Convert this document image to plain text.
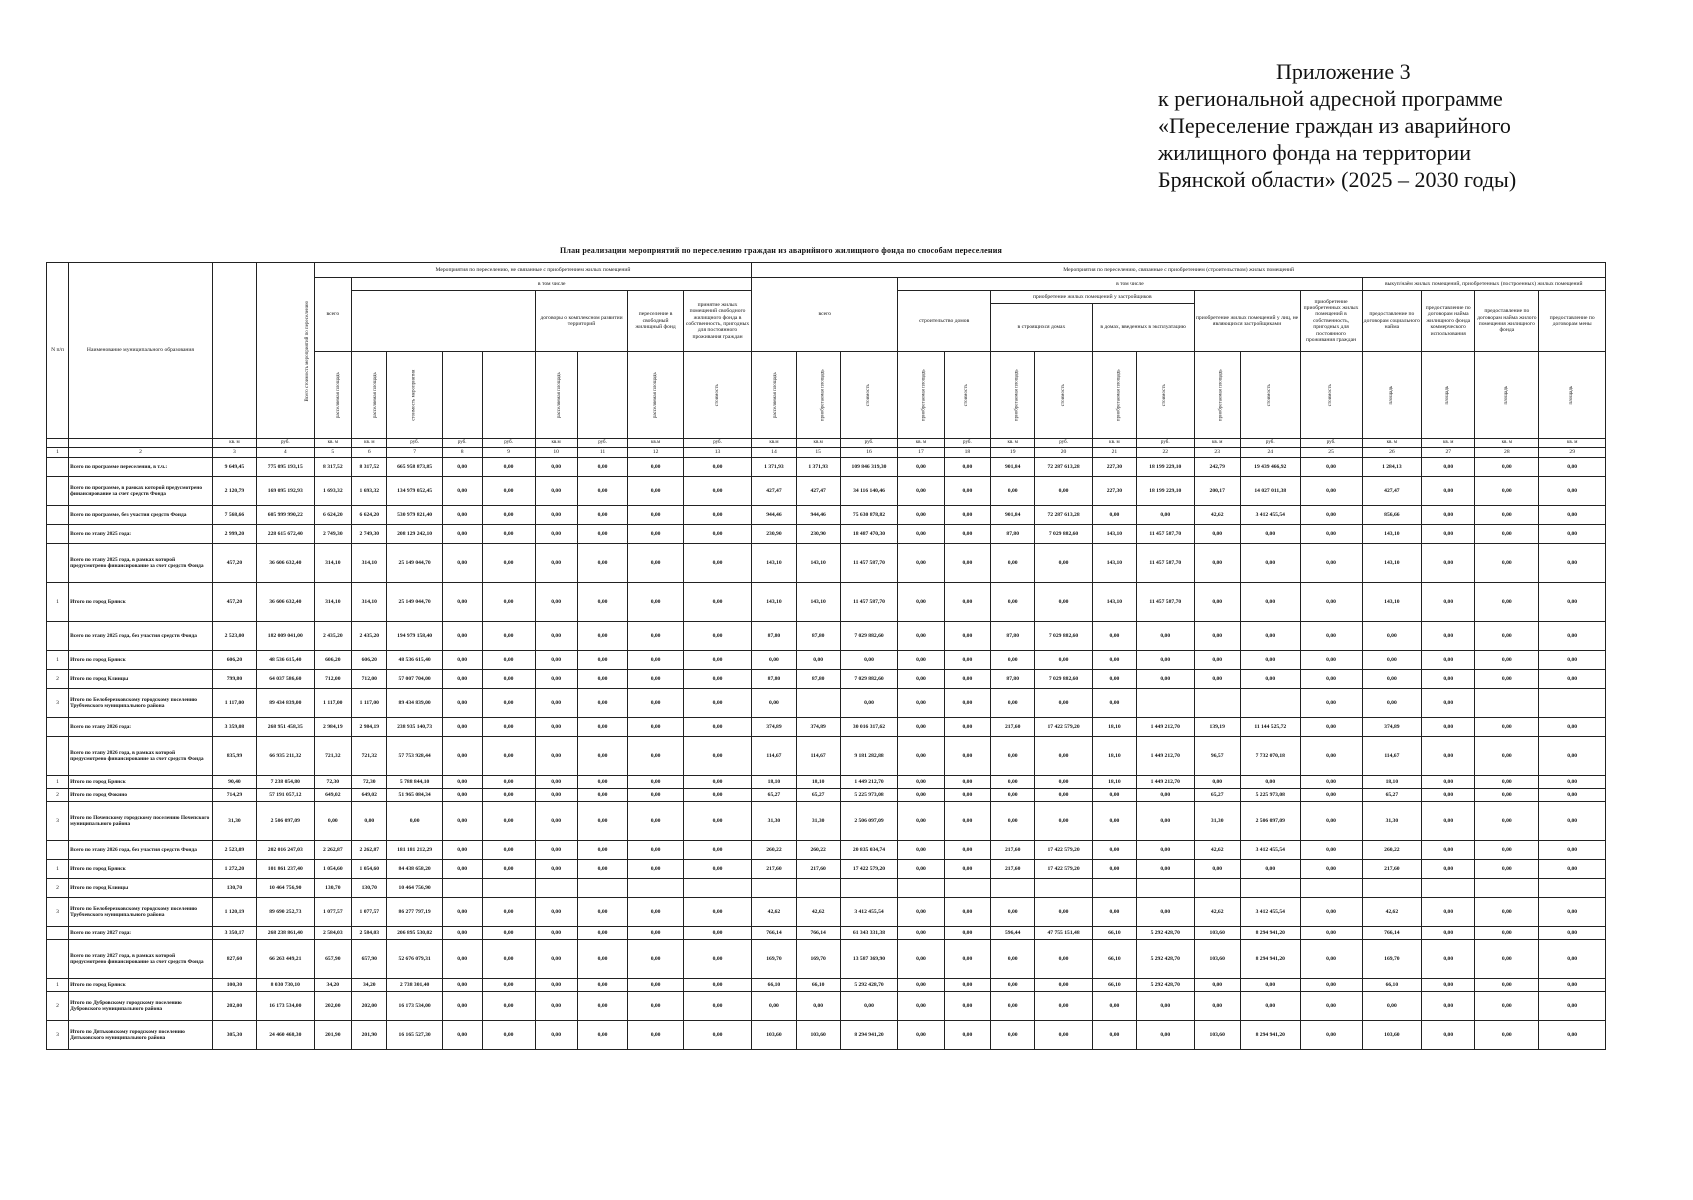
Приложение 3
к региональной адресной программе
«Переселение граждан из аварийного
жилищного фонда на территории
Брянской области» (2025 – 2030 годы)
План реализации мероприятий по переселению граждан из аварийного жилищного фонда по способам переселения
N п/п	Наименование муниципального образования		Всего стоимость мероприятий по переселению	Мероприятия по переселению, не связанные с приобретением жилых помещений									Мероприятия по переселению, связанные с приобретением (строительством) жилых помещений															
				всего	в том числе								всего			в том числе									выкуп/наём жилых помещений, приобретенных (построенных) жилых помещений			
									договоры о комплексном развитии территорий		переселение в свободный жилищный фонд	принятие жилых помещений свободного жилищного фонда в собственность, пригодных для постоянного проживания граждан				строительство домов		приобретение жилых помещений у застройщиков				приобретение жилых помещений у лиц, не являющихся застройщиками		приобретение приобретенных жилых помещений в собственность, пригодных для постоянного проживания граждан	предоставление по договорам социального найма	предоставление по договорам найма жилищного фонда коммерческого использования	предоставление по договорам найма жилого помещения жилищного фонда	предоставление по договорам мены
																		в строящихся домах		в домах, введенных в эксплуатацию								
				расселяемая площадь	расселяемая площадь	стоимость мероприятия			расселяемая площадь		расселяемая площадь	стоимость	расселяемая площадь	приобретаемая площадь	стоимость	приобретаемая площадь	стоимость	приобретаемая площадь	стоимость	приобретаемая площадь	стоимость	приобретаемая площадь	стоимость	стоимость	площадь	площадь	площадь	площадь
		кв. м	руб.	кв. м	кв. м	руб.	руб.	руб.	кв.м	руб.	кв.м	руб.	кв.м	кв.м	руб.	кв. м	руб.	кв. м	руб.	кв. м	руб.	кв. м	руб.	руб.	кв. м	кв. м	кв. м	кв. м
1	2	3	4	5	6	7	8	9	10	11	12	13	14	15	16	17	18	19	20	21	22	23	24	25	26	27	28	29
	Всего по программе переселения, в т.ч.:	9 649,45	775 095 193,15	8 317,52	8 317,52	665 958 873,85	0,00	0,00	0,00	0,00	0,00	0,00	1 371,93	1 371,93	109 846 319,30	0,00	0,00	901,84	72 287 613,28	227,30	18 199 229,10	242,79	19 439 466,92	0,00	1 284,13	0,00	0,00	0,00
	Всего по программе, в рамках которой предусмотрено финансирование за счет средств Фонда	2 120,79	169 095 192,93	1 693,32	1 693,32	134 979 052,45	0,00	0,00	0,00	0,00	0,00	0,00	427,47	427,47	34 116 140,46	0,00	0,00	0,00	0,00	227,30	18 199 229,10	200,17	14 027 011,38	0,00	427,47	0,00	0,00	0,00
	Всего по программе, без участия средств Фонда	7 568,66	605 999 990,22	6 624,20	6 624,20	530 979 821,40	0,00	0,00	0,00	0,00	0,00	0,00	944,46	944,46	75 630 878,82	0,00	0,00	901,84	72 287 613,28	0,00	0,00	42,62	3 412 455,54	0,00	856,66	0,00	0,00	0,00
	Всего по этапу 2025 года:	2 999,20	228 615 672,40	2 749,30	2 749,30	208 129 242,10	0,00	0,00	0,00	0,00	0,00	0,00	230,90	230,90	18 487 470,30	0,00	0,00	87,80	7 029 882,60	143,10	11 457 587,70	0,00	0,00	0,00	143,10	0,00	0,00	0,00
	Всего по этапу 2025 года, в рамках которой предусмотрено финансирование за счет средств Фонда	457,20	36 606 632,40	314,10	314,10	25 149 044,70	0,00	0,00	0,00	0,00	0,00	0,00	143,10	143,10	11 457 587,70	0,00	0,00	0,00	0,00	143,10	11 457 587,70	0,00	0,00	0,00	143,10	0,00	0,00	0,00
1	Итого по город Брянск	457,20	36 606 632,40	314,10	314,10	25 149 044,70	0,00	0,00	0,00	0,00	0,00	0,00	143,10	143,10	11 457 587,70	0,00	0,00	0,00	0,00	143,10	11 457 587,70	0,00	0,00	0,00	143,10	0,00	0,00	0,00
	Всего по этапу 2025 года, без участия средств Фонда	2 523,00	182 009 041,00	2 435,20	2 435,20	194 979 158,40	0,00	0,00	0,00	0,00	0,00	0,00	87,80	87,80	7 029 882,60	0,00	0,00	87,80	7 029 882,60	0,00	0,00	0,00	0,00	0,00	0,00	0,00	0,00	0,00
1	Итого по город Брянск	606,20	48 536 615,40	606,20	606,20	48 536 615,40	0,00	0,00	0,00	0,00	0,00	0,00	0,00	0,00	0,00	0,00	0,00	0,00	0,00	0,00	0,00	0,00	0,00	0,00	0,00	0,00	0,00	0,00
2	Итого по город Клинцы	799,80	64 037 586,60	712,00	712,00	57 007 704,00	0,00	0,00	0,00	0,00	0,00	0,00	87,80	87,80	7 029 882,60	0,00	0,00	87,80	7 029 882,60	0,00	0,00	0,00	0,00	0,00	0,00	0,00	0,00	0,00
3	Итого по Белоберезковскому городскому поселению Трубчевского муниципального района	1 117,00	89 434 839,00	1 117,00	1 117,00	89 434 839,00	0,00	0,00	0,00	0,00	0,00	0,00	0,00		0,00	0,00	0,00	0,00	0,00	0,00				0,00	0,00	0,00		
	Всего по этапу 2026 года:	3 359,08	268 951 458,35	2 984,19	2 984,19	238 935 140,73	0,00	0,00	0,00	0,00	0,00	0,00	374,89	374,89	30 016 317,62	0,00	0,00	217,60	17 422 579,20	18,10	1 449 212,70	139,19	11 144 525,72	0,00	374,89	0,00	0,00	0,00
	Всего по этапу 2026 года, в рамках которой предусмотрено финансирование за счет средств Фонда	835,99	66 935 211,32	721,32	721,32	57 753 928,44	0,00	0,00	0,00	0,00	0,00	0,00	114,67	114,67	9 181 282,88	0,00	0,00	0,00	0,00	18,10	1 449 212,70	96,57	7 732 070,18	0,00	114,67	0,00	0,00	0,00
1	Итого по город Брянск	90,40	7 238 054,80	72,30	72,30	5 788 844,10	0,00	0,00	0,00	0,00	0,00	0,00	18,10	18,10	1 449 212,70	0,00	0,00	0,00	0,00	18,10	1 449 212,70	0,00	0,00	0,00	18,10	0,00	0,00	0,00
2	Итого по город Фокино	714,29	57 191 057,12	649,02	649,02	51 965 084,34	0,00	0,00	0,00	0,00	0,00	0,00	65,27	65,27	5 225 973,08	0,00	0,00	0,00	0,00	0,00	0,00	65,27	5 225 973,08	0,00	65,27	0,00	0,00	0,00
3	Итого по Почепскому городскому поселению Почепского муниципального района	31,30	2 506 097,09	0,00	0,00	0,00	0,00	0,00	0,00	0,00	0,00	0,00	31,30	31,30	2 506 097,09	0,00	0,00	0,00	0,00	0,00	0,00	31,30	2 506 097,09	0,00	31,30	0,00	0,00	0,00
	Всего по этапу 2026 года, без участия средств Фонда	2 523,09	202 016 247,03	2 262,87	2 262,87	181 181 212,29	0,00	0,00	0,00	0,00	0,00	0,00	260,22	260,22	20 835 034,74	0,00	0,00	217,60	17 422 579,20	0,00	0,00	42,62	3 412 455,54	0,00	260,22	0,00	0,00	0,00
1	Итого по город Брянск	1 272,20	101 861 237,40	1 054,60	1 054,60	84 438 658,20	0,00	0,00	0,00	0,00	0,00	0,00	217,60	217,60	17 422 579,20	0,00	0,00	217,60	17 422 579,20	0,00	0,00	0,00	0,00	0,00	217,60	0,00	0,00	0,00
2	Итого по город Клинцы	130,70	10 464 756,90	130,70	130,70	10 464 756,90																						
3	Итого по Белоберезковскому городскому поселению Трубчевского муниципального района	1 120,19	89 690 252,73	1 077,57	1 077,57	86 277 797,19	0,00	0,00	0,00	0,00	0,00	0,00	42,62	42,62	3 412 455,54	0,00	0,00	0,00	0,00	0,00	0,00	42,62	3 412 455,54	0,00	42,62	0,00	0,00	0,00
	Всего по этапу 2027 года:	3 350,17	268 238 861,40	2 584,03	2 584,03	206 895 530,02	0,00	0,00	0,00	0,00	0,00	0,00	766,14	766,14	61 343 331,38	0,00	0,00	596,44	47 755 151,48	66,10	5 292 428,70	103,60	8 294 941,20	0,00	766,14	0,00	0,00	0,00
	Всего по этапу 2027 года, в рамках которой предусмотрено финансирование за счет средств Фонда	827,60	66 263 449,21	657,90	657,90	52 676 079,31	0,00	0,00	0,00	0,00	0,00	0,00	169,70	169,70	13 587 369,90	0,00	0,00	0,00	0,00	66,10	5 292 428,70	103,60	8 294 941,20	0,00	169,70	0,00	0,00	0,00
1	Итого по город Брянск	100,30	8 030 730,10	34,20	34,20	2 738 301,40	0,00	0,00	0,00	0,00	0,00	0,00	66,10	66,10	5 292 428,70	0,00	0,00	0,00	0,00	66,10	5 292 428,70	0,00	0,00	0,00	66,10	0,00	0,00	0,00
2	Итого по Дубровскому городскому поселению Дубровского муниципального района	202,00	16 173 534,00	202,00	202,00	16 173 534,00	0,00	0,00	0,00	0,00	0,00	0,00	0,00	0,00	0,00	0,00	0,00	0,00	0,00	0,00	0,00	0,00	0,00	0,00	0,00	0,00	0,00	0,00
3	Итого по Дятьковскому городскому поселению Дятьковского муниципального района	305,30	24 460 468,30	201,90	201,90	16 165 527,30	0,00	0,00	0,00	0,00	0,00	0,00	103,60	103,60	8 294 941,20	0,00	0,00	0,00	0,00	0,00	0,00	103,60	8 294 941,20	0,00	103,60	0,00	0,00	0,00
